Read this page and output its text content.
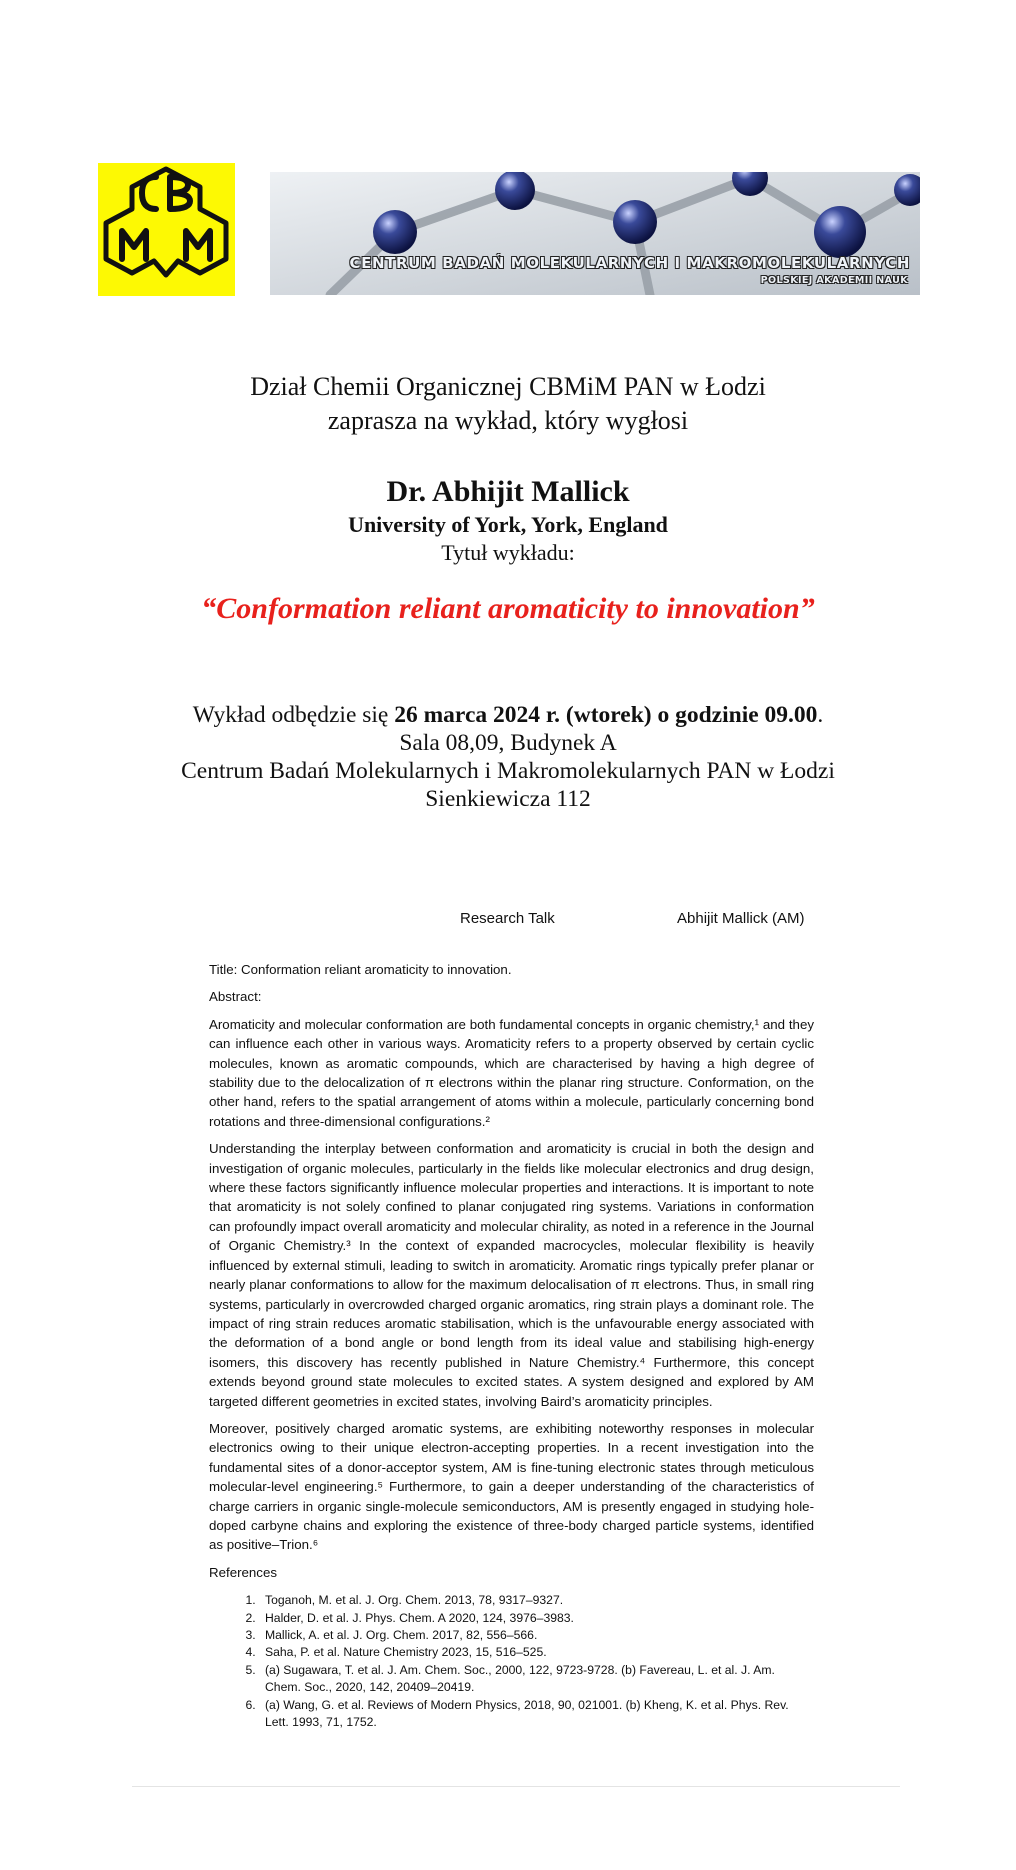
CENTRUM BADAŃ MOLEKULARNYCH I MAKROMOLEKULARNYCH
POLSKIEJ AKADEMII NAUK
Dział Chemii Organicznej CBMiM PAN w Łodzi
zaprasza na wykład, który wygłosi
Dr. Abhijit Mallick
University of York, York, England
Tytuł wykładu:
“Conformation reliant aromaticity to innovation”
Wykład odbędzie się 26 marca 2024 r. (wtorek) o godzinie 09.00.
Sala 08,09, Budynek A
Centrum Badań Molekularnych i Makromolekularnych PAN w Łodzi
Sienkiewicza 112
Research Talk	Abhijit Mallick (AM)

Title: Conformation reliant aromaticity to innovation.

Abstract:

Aromaticity and molecular conformation are both fundamental concepts in organic chemistry,¹ and they can influence each other in various ways. Aromaticity refers to a property observed by certain cyclic molecules, known as aromatic compounds, which are characterised by having a high degree of stability due to the delocalization of π electrons within the planar ring structure. Conformation, on the other hand, refers to the spatial arrangement of atoms within a molecule, particularly concerning bond rotations and three-dimensional configurations.²

Understanding the interplay between conformation and aromaticity is crucial in both the design and investigation of organic molecules, particularly in the fields like molecular electronics and drug design, where these factors significantly influence molecular properties and interactions. It is important to note that aromaticity is not solely confined to planar conjugated ring systems. Variations in conformation can profoundly impact overall aromaticity and molecular chirality, as noted in a reference in the Journal of Organic Chemistry.³ In the context of expanded macrocycles, molecular flexibility is heavily influenced by external stimuli, leading to switch in aromaticity. Aromatic rings typically prefer planar or nearly planar conformations to allow for the maximum delocalisation of π electrons. Thus, in small ring systems, particularly in overcrowded charged organic aromatics, ring strain plays a dominant role. The impact of ring strain reduces aromatic stabilisation, which is the unfavourable energy associated with the deformation of a bond angle or bond length from its ideal value and stabilising high-energy isomers, this discovery has recently published in Nature Chemistry.⁴ Furthermore, this concept extends beyond ground state molecules to excited states. A system designed and explored by AM targeted different geometries in excited states, involving Baird’s aromaticity principles.

Moreover, positively charged aromatic systems, are exhibiting noteworthy responses in molecular electronics owing to their unique electron-accepting properties. In a recent investigation into the fundamental sites of a donor-acceptor system, AM is fine-tuning electronic states through meticulous molecular-level engineering.⁵ Furthermore, to gain a deeper understanding of the characteristics of charge carriers in organic single-molecule semiconductors, AM is presently engaged in studying hole-doped carbyne chains and exploring the existence of three-body charged particle systems, identified as positive–Trion.⁶

References

1. Toganoh, M. et al. J. Org. Chem. 2013, 78, 9317–9327.
2. Halder, D. et al. J. Phys. Chem. A 2020, 124, 3976–3983.
3. Mallick, A. et al. J. Org. Chem. 2017, 82, 556–566.
4. Saha, P. et al. Nature Chemistry 2023, 15, 516–525.
5. (a) Sugawara, T. et al. J. Am. Chem. Soc., 2000, 122, 9723-9728. (b) Favereau, L. et al. J. Am. Chem. Soc., 2020, 142, 20409–20419.
6. (a) Wang, G. et al. Reviews of Modern Physics, 2018, 90, 021001. (b) Kheng, K. et al. Phys. Rev. Lett. 1993, 71, 1752.
